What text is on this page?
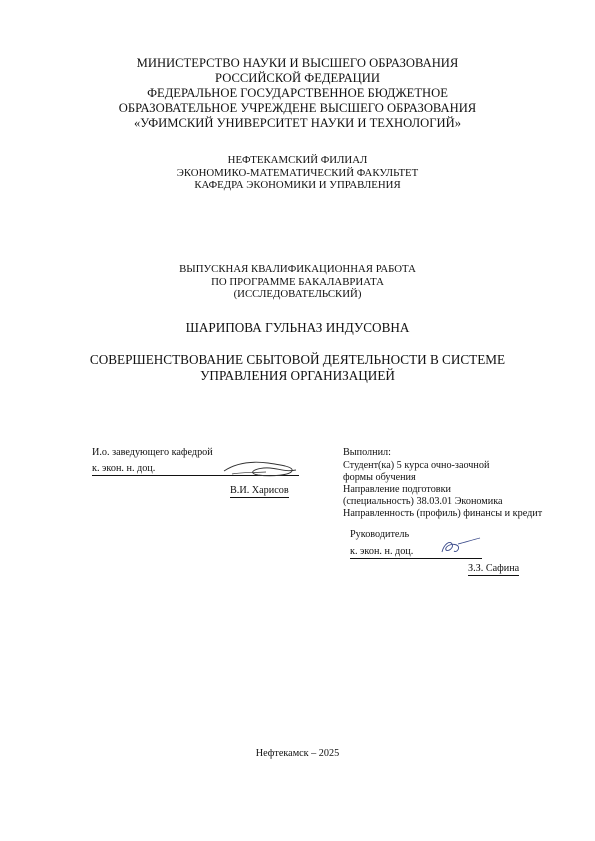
МИНИСТЕРСТВО НАУКИ И ВЫСШЕГО ОБРАЗОВАНИЯ
РОССИЙСКОЙ ФЕДЕРАЦИИ
ФЕДЕРАЛЬНОЕ ГОСУДАРСТВЕННОЕ БЮДЖЕТНОЕ
ОБРАЗОВАТЕЛЬНОЕ УЧРЕЖДЕНЕ ВЫСШЕГО ОБРАЗОВАНИЯ
«УФИМСКИЙ УНИВЕРСИТЕТ НАУКИ И ТЕХНОЛОГИЙ»
НЕФТЕКАМСКИЙ ФИЛИАЛ
ЭКОНОМИКО-МАТЕМАТИЧЕСКИЙ ФАКУЛЬТЕТ
КАФЕДРА ЭКОНОМИКИ И УПРАВЛЕНИЯ
ВЫПУСКНАЯ КВАЛИФИКАЦИОННАЯ РАБОТА
ПО ПРОГРАММЕ БАКАЛАВРИАТА
(ИССЛЕДОВАТЕЛЬСКИЙ)
ШАРИПОВА ГУЛЬНАЗ ИНДУСОВНА
СОВЕРШЕНСТВОВАНИЕ СБЫТОВОЙ ДЕЯТЕЛЬНОСТИ В СИСТЕМЕ
УПРАВЛЕНИЯ ОРГАНИЗАЦИЕЙ
И.о. заведующего кафедрой
к. экон. н. доц.
В.И. Харисов
Выполнил:
Студент(ка) 5 курса очно-заочной
формы обучения
Направление подготовки
(специальность) 38.03.01 Экономика
Направленность (профиль) финансы и кредит
Руководитель
к. экон. н. доц.
З.З. Сафина
Нефтекамск – 2025
